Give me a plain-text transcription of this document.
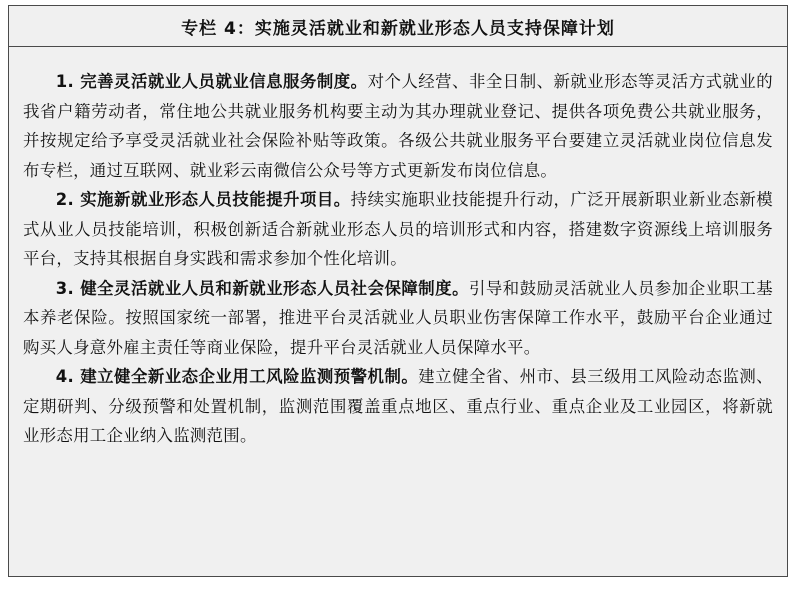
专栏 4：实施灵活就业和新就业形态人员支持保障计划

1. 完善灵活就业人员就业信息服务制度。对个人经营、非全日制、新就业形态等灵活方式就业的我省户籍劳动者，常住地公共就业服务机构要主动为其办理就业登记、提供各项免费公共就业服务，并按规定给予享受灵活就业社会保险补贴等政策。各级公共就业服务平台要建立灵活就业岗位信息发布专栏，通过互联网、就业彩云南微信公众号等方式更新发布岗位信息。

2. 实施新就业形态人员技能提升项目。持续实施职业技能提升行动，广泛开展新职业新业态新模式从业人员技能培训，积极创新适合新就业形态人员的培训形式和内容，搭建数字资源线上培训服务平台，支持其根据自身实践和需求参加个性化培训。

3. 健全灵活就业人员和新就业形态人员社会保障制度。引导和鼓励灵活就业人员参加企业职工基本养老保险。按照国家统一部署，推进平台灵活就业人员职业伤害保障工作水平，鼓励平台企业通过购买人身意外雇主责任等商业保险，提升平台灵活就业人员保障水平。

4. 建立健全新业态企业用工风险监测预警机制。建立健全省、州市、县三级用工风险动态监测、定期研判、分级预警和处置机制，监测范围覆盖重点地区、重点行业、重点企业及工业园区，将新就业形态用工企业纳入监测范围。
